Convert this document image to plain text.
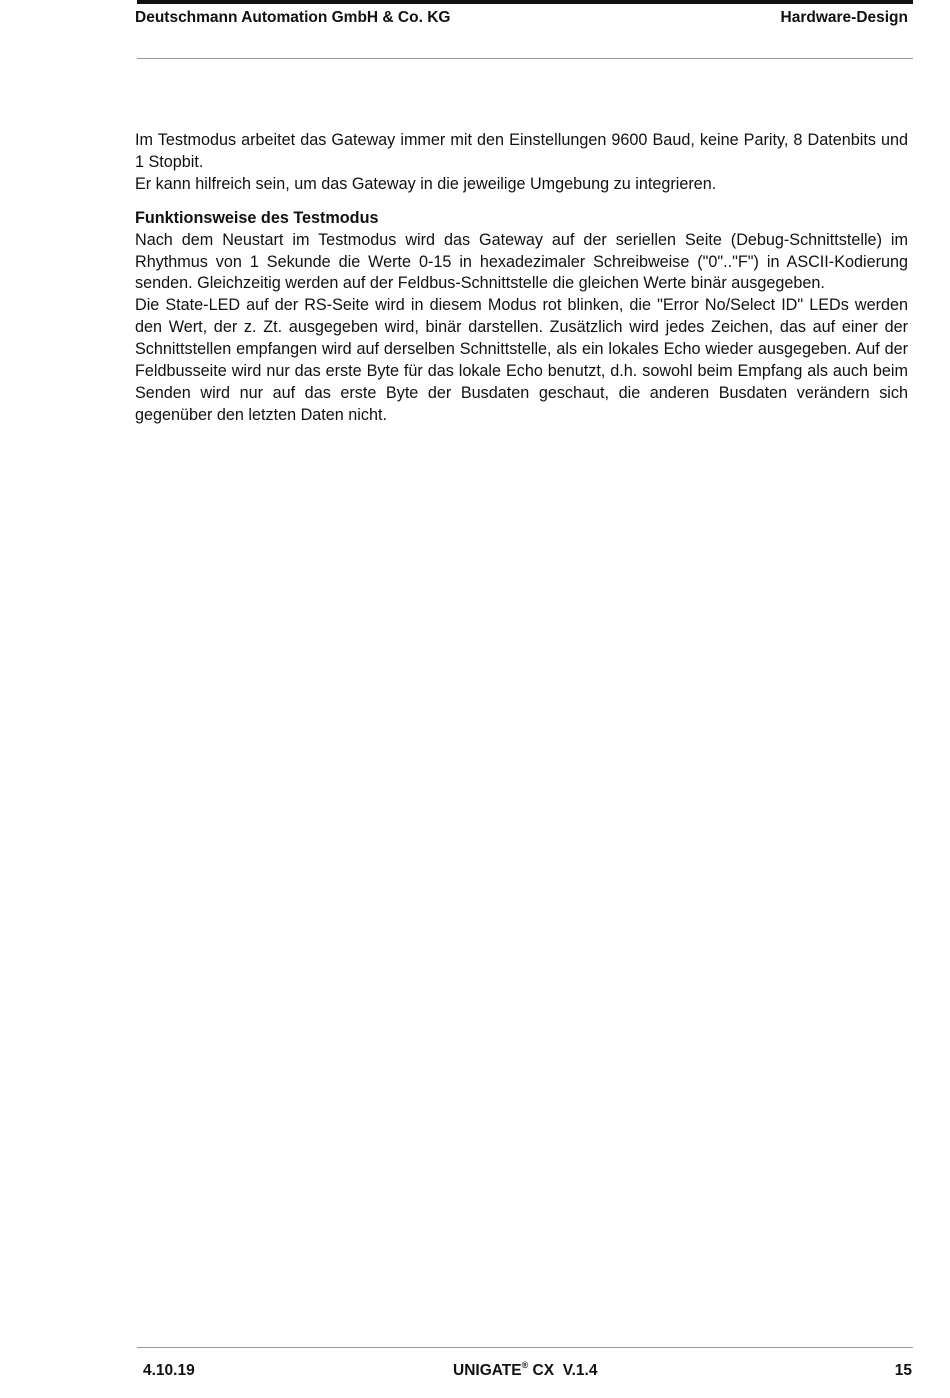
Deutschmann Automation GmbH & Co. KG	Hardware-Design

Im Testmodus arbeitet das Gateway immer mit den Einstellungen 9600 Baud, keine Parity, 8 Datenbits und 1 Stopbit.

Er kann hilfreich sein, um das Gateway in die jeweilige Umgebung zu integrieren.

Funktionsweise des Testmodus

Nach dem Neustart im Testmodus wird das Gateway auf der seriellen Seite (Debug-Schnittstelle) im Rhythmus von 1 Sekunde die Werte 0-15 in hexadezimaler Schreibweise ("0".."F") in ASCII-Kodierung senden. Gleichzeitig werden auf der Feldbus-Schnittstelle die gleichen Werte binär ausgegeben.

Die State-LED auf der RS-Seite wird in diesem Modus rot blinken, die "Error No/Select ID" LEDs werden den Wert, der z. Zt. ausgegeben wird, binär darstellen. Zusätzlich wird jedes Zeichen, das auf einer der Schnittstellen empfangen wird auf derselben Schnittstelle, als ein lokales Echo wieder ausgegeben. Auf der Feldbusseite wird nur das erste Byte für das lokale Echo benutzt, d.h. sowohl beim Empfang als auch beim Senden wird nur auf das erste Byte der Busdaten geschaut, die anderen Busdaten verändern sich gegenüber den letzten Daten nicht.

4.10.19	UNIGATE® CX  V.1.4	15
